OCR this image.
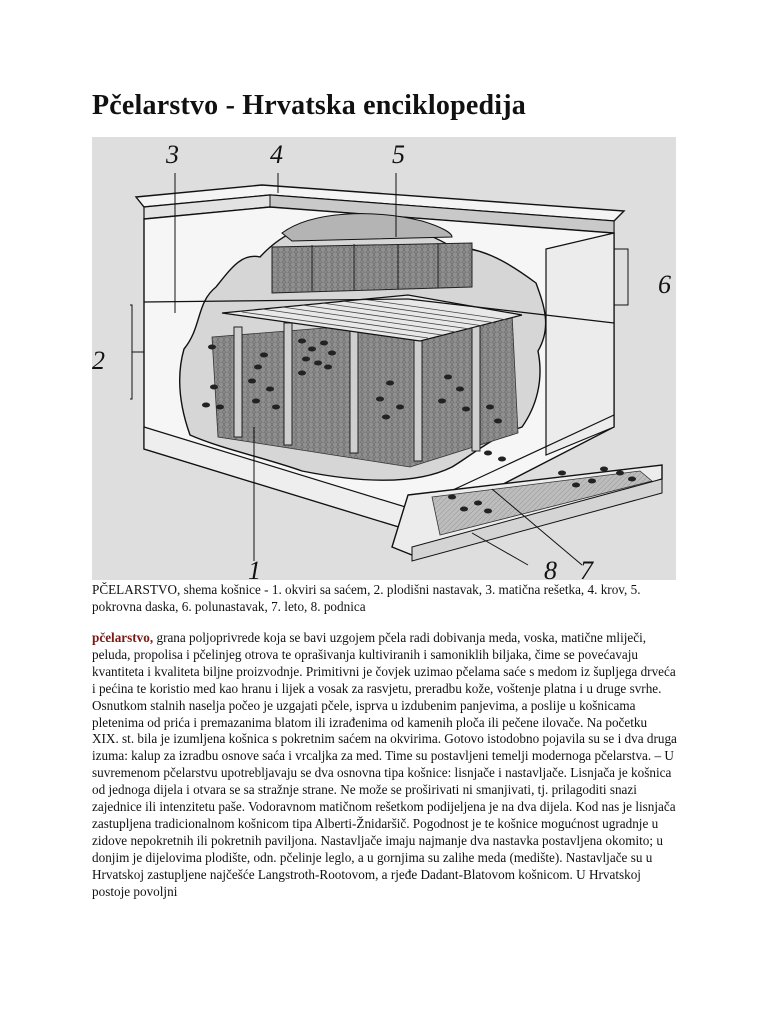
Pčelarstvo - Hrvatska enciklopedija
3	4	5
6
2
1	8 7
PČELARSTVO, shema košnice - 1. okviri sa saćem, 2. plodišni nastavak, 3. matična rešetka, 4. krov, 5. pokrovna daska, 6. polunastavak, 7. leto, 8. podnica
pčelarstvo, grana poljoprivrede koja se bavi uzgojem pčela radi dobivanja meda, voska, matične mliječi, peluda, propolisa i pčelinjeg otrova te oprašivanja kultiviranih i samoniklih biljaka, čime se povećavaju kvantiteta i kvaliteta biljne proizvodnje. Primitivni je čovjek uzimao pčelama saće s medom iz šupljega drveća i pećina te koristio med kao hranu i lijek a vosak za rasvjetu, preradbu kože, voštenje platna i u druge svrhe. Osnutkom stalnih naselja počeo je uzgajati pčele, isprva u izdubenim panjevima, a poslije u košnicama pletenima od prića i premazanima blatom ili izrađenima od kamenih ploča ili pečene ilovače. Na početku XIX. st. bila je izumljena košnica s pokretnim saćem na okvirima. Gotovo istodobno pojavila su se i dva druga izuma: kalup za izradbu osnove saća i vrcaljka za med. Time su postavljeni temelji modernoga pčelarstva. – U suvremenom pčelarstvu upotrebljavaju se dva osnovna tipa košnice: lisnjače i nastavljače. Lisnjača je košnica od jednoga dijela i otvara se sa stražnje strane. Ne može se proširivati ni smanjivati, tj. prilagoditi snazi zajednice ili intenzitetu paše. Vodoravnom matičnom rešetkom podijeljena je na dva dijela. Kod nas je lisnjača zastupljena tradicionalnom košnicom tipa Alberti-Žnidaršič. Pogodnost je te košnice mogućnost ugradnje u zidove nepokretnih ili pokretnih paviljona. Nastavljače imaju najmanje dva nastavka postavljena okomito; u donjim je dijelovima plodište, odn. pčelinje leglo, a u gornjima su zalihe meda (medište). Nastavljače su u Hrvatskoj zastupljene najčešće Langstroth-Rootovom, a rjeđe Dadant-Blatovom košnicom. U Hrvatskoj postoje povoljni
